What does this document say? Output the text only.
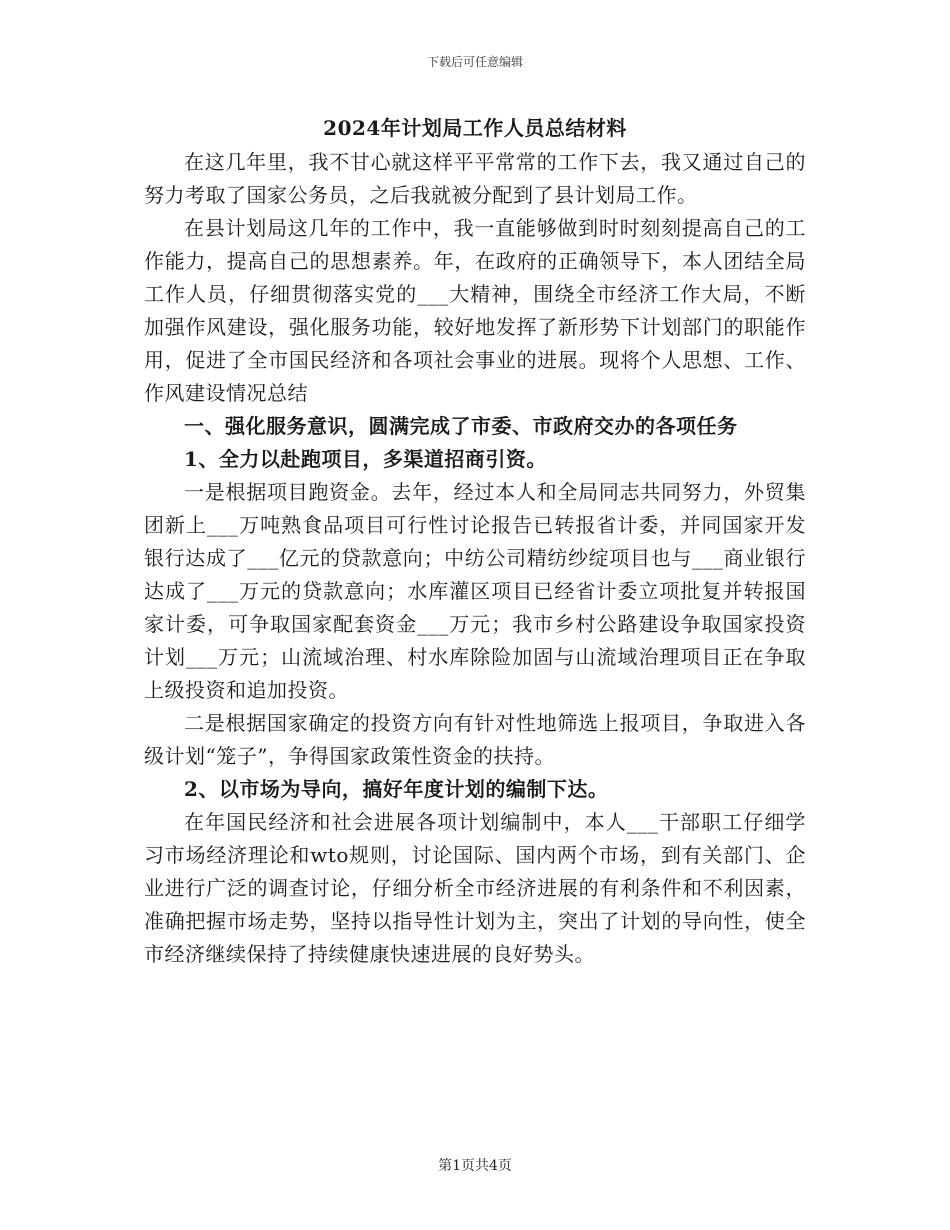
下载后可任意编辑
2024年计划局工作人员总结材料

在这几年里，我不甘心就这样平平常常的工作下去，我又通过自己的努力考取了国家公务员，之后我就被分配到了县计划局工作。

在县计划局这几年的工作中，我一直能够做到时时刻刻提高自己的工作能力，提高自己的思想素养。年，在政府的正确领导下，本人团结全局工作人员，仔细贯彻落实党的___大精神，围绕全市经济工作大局，不断加强作风建设，强化服务功能，较好地发挥了新形势下计划部门的职能作用，促进了全市国民经济和各项社会事业的进展。现将个人思想、工作、作风建设情况总结

一、强化服务意识，圆满完成了市委、市政府交办的各项任务

1、全力以赴跑项目，多渠道招商引资。

一是根据项目跑资金。去年，经过本人和全局同志共同努力，外贸集团新上___万吨熟食品项目可行性讨论报告已转报省计委，并同国家开发银行达成了___亿元的贷款意向；中纺公司精纺纱绽项目也与___商业银行达成了___万元的贷款意向；水库灌区项目已经省计委立项批复并转报国家计委，可争取国家配套资金___万元；我市乡村公路建设争取国家投资计划___万元；山流域治理、村水库除险加固与山流域治理项目正在争取上级投资和追加投资。

二是根据国家确定的投资方向有针对性地筛选上报项目，争取进入各级计划“笼子”，争得国家政策性资金的扶持。

2、以市场为导向，搞好年度计划的编制下达。

在年国民经济和社会进展各项计划编制中，本人___干部职工仔细学习市场经济理论和wto规则，讨论国际、国内两个市场，到有关部门、企业进行广泛的调查讨论，仔细分析全市经济进展的有利条件和不利因素，准确把握市场走势，坚持以指导性计划为主，突出了计划的导向性，使全市经济继续保持了持续健康快速进展的良好势头。

第1页共4页
